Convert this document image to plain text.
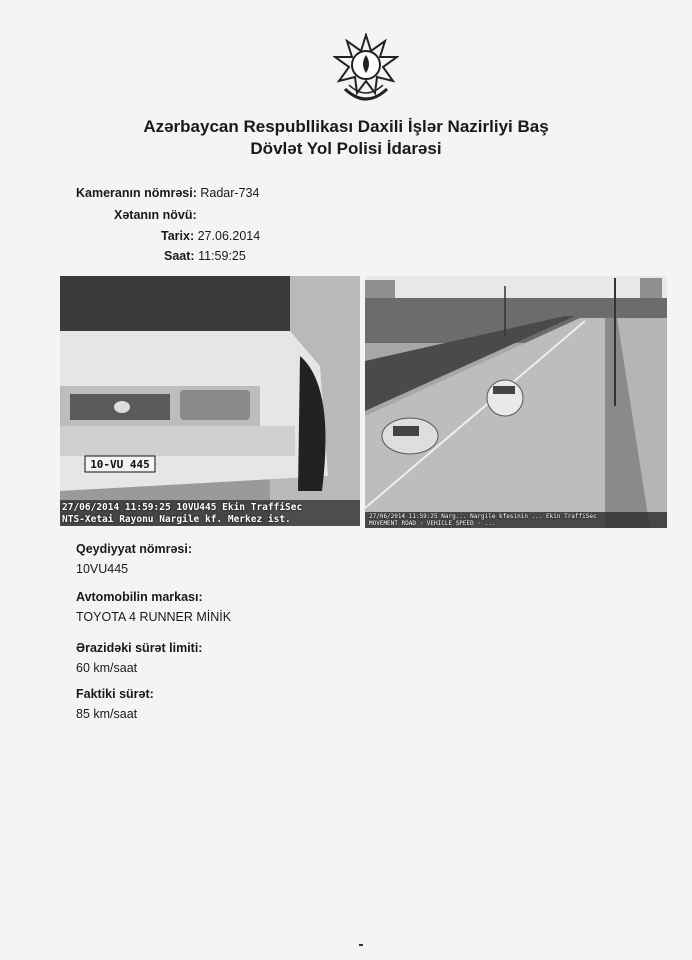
Azərbaycan Respubllikası Daxili İşlər Nazirliyi Baş
Dövlət Yol Polisi İdarəsi
Kameranın nömrəsi: Radar-734
Xətanın növü:
Tarix: 27.06.2014
Saat: 11:59:25
10-VU 445
27/06/2014 11:59:25 10VU445 Ekin TraffiSec
NTS-Xetai Rayonu Nargile kf. Merkez ist.	27/06/2014 11:59:25 Narg... Nargile kfesinin ... Ekin TraffiSec
MOVEMENT ROAD · VEHICLE SPEED · ...
Qeydiyyat nömrəsi:
10VU445
Avtomobilin markası:
TOYOTA 4 RUNNER MİNİK
Ərazidəki sürət limiti:
60 km/saat
Faktiki sürət:
85 km/saat
